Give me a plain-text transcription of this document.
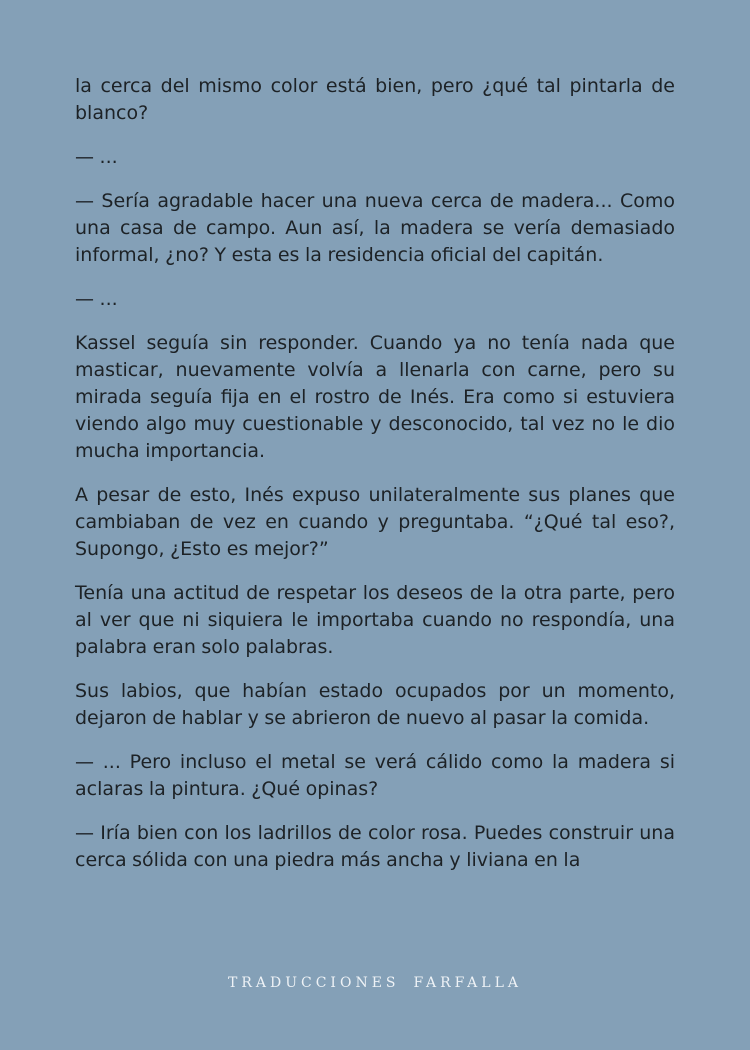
la cerca del mismo color está bien, pero ¿qué tal pintarla de blanco?

— ...

— Sería agradable hacer una nueva cerca de madera... Como una casa de campo. Aun así, la madera se vería demasiado informal, ¿no? Y esta es la residencia oficial del capitán.

— ...

Kassel seguía sin responder. Cuando ya no tenía nada que masticar, nuevamente volvía a llenarla con carne, pero su mirada seguía fija en el rostro de Inés. Era como si estuviera viendo algo muy cuestionable y desconocido, tal vez no le dio mucha importancia.

A pesar de esto, Inés expuso unilateralmente sus planes que cambiaban de vez en cuando y preguntaba. “¿Qué tal eso?, Supongo, ¿Esto es mejor?”

Tenía una actitud de respetar los deseos de la otra parte, pero al ver que ni siquiera le importaba cuando no respondía, una palabra eran solo palabras.

Sus labios, que habían estado ocupados por un momento, dejaron de hablar y se abrieron de nuevo al pasar la comida.

— ... Pero incluso el metal se verá cálido como la madera si aclaras la pintura. ¿Qué opinas?

— Iría bien con los ladrillos de color rosa. Puedes construir una cerca sólida con una piedra más ancha y liviana en la

TRADUCCIONES FARFALLA
